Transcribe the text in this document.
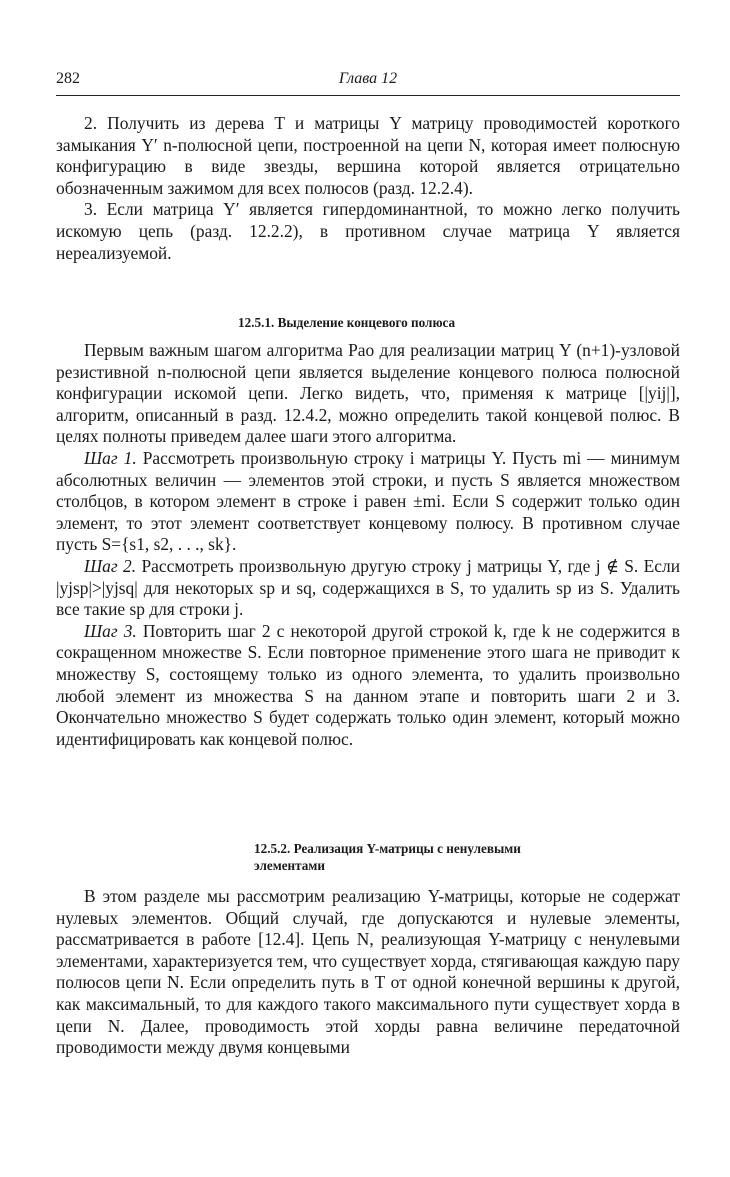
282	Глава 12

2. Получить из дерева T и матрицы Y матрицу проводимостей короткого замыкания Y′ n-полюсной цепи, построенной на цепи N, которая имеет полюсную конфигурацию в виде звезды, вершина которой является отрицательно обозначенным зажимом для всех полюсов (разд. 12.2.4).

3. Если матрица Y′ является гипердоминантной, то можно легко получить искомую цепь (разд. 12.2.2), в противном случае матрица Y является нереализуемой.

12.5.1. Выделение концевого полюса

Первым важным шагом алгоритма Рао для реализации матриц Y (n+1)-узловой резистивной n-полюсной цепи является выделение концевого полюса полюсной конфигурации искомой цепи. Легко видеть, что, применяя к матрице [|yij|], алгоритм, описанный в разд. 12.4.2, можно определить такой концевой полюс. В целях полноты приведем далее шаги этого алгоритма.

Шаг 1. Рассмотреть произвольную строку i матрицы Y. Пусть mi — минимум абсолютных величин — элементов этой строки, и пусть S является множеством столбцов, в котором элемент в строке i равен ±mi. Если S содержит только один элемент, то этот элемент соответствует концевому полюсу. В противном случае пусть S={s1, s2, . . ., sk}.

Шаг 2. Рассмотреть произвольную другую строку j матрицы Y, где j ∉ S. Если |yjsp|>|yjsq| для некоторых sp и sq, содержащихся в S, то удалить sp из S. Удалить все такие sp для строки j.

Шаг 3. Повторить шаг 2 с некоторой другой строкой k, где k не содержится в сокращенном множестве S. Если повторное применение этого шага не приводит к множеству S, состоящему только из одного элемента, то удалить произвольно любой элемент из множества S на данном этапе и повторить шаги 2 и 3. Окончательно множество S будет содержать только один элемент, который можно идентифицировать как концевой полюс.

12.5.2. Реализация Y-матрицы с ненулевыми
элементами

В этом разделе мы рассмотрим реализацию Y-матрицы, которые не содержат нулевых элементов. Общий случай, где допускаются и нулевые элементы, рассматривается в работе [12.4]. Цепь N, реализующая Y-матрицу с ненулевыми элементами, характеризуется тем, что существует хорда, стягивающая каждую пару полюсов цепи N. Если определить путь в T от одной конечной вершины к другой, как максимальный, то для каждого такого максимального пути существует хорда в цепи N. Далее, проводимость этой хорды равна величине передаточной проводимости между двумя концевыми
